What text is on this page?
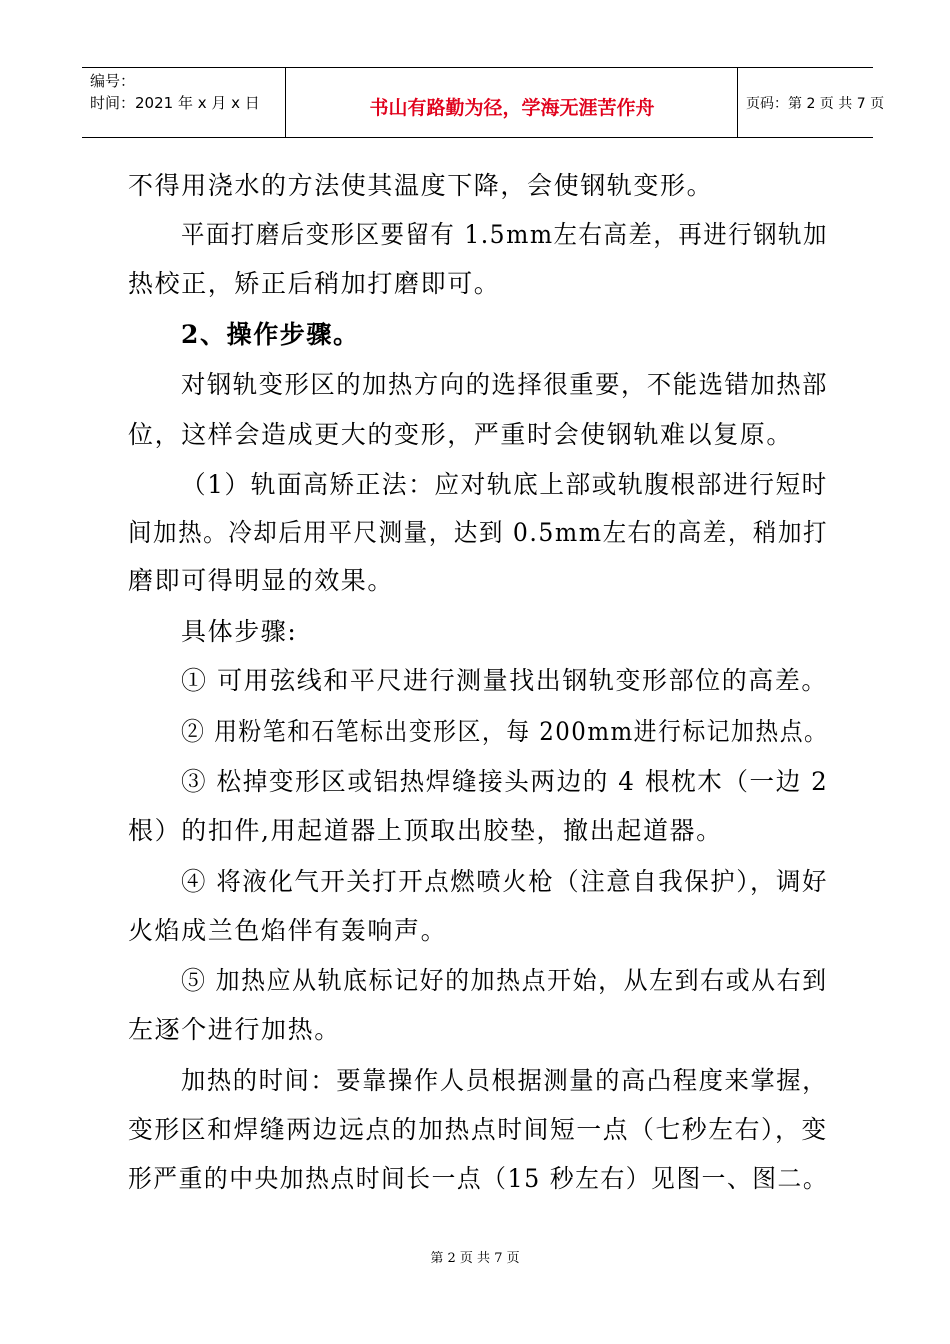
编号：
时间：2021 年 x 月 x 日	书山有路勤为径，学海无涯苦作舟	页码：第 2 页 共 7 页
不得用浇水的方法使其温度下降，会使钢轨变形。
平面打磨后变形区要留有 1.5mm左右高差，再进行钢轨加
热校正，矫正后稍加打磨即可。
2、操作步骤。
对钢轨变形区的加热方向的选择很重要，不能选错加热部
位，这样会造成更大的变形，严重时会使钢轨难以复原。
（1）轨面高矫正法：应对轨底上部或轨腹根部进行短时
间加热。冷却后用平尺测量，达到 0.5mm左右的高差，稍加打
磨即可得明显的效果。
具体步骤:
① 可用弦线和平尺进行测量找出钢轨变形部位的高差。
② 用粉笔和石笔标出变形区，每 200mm进行标记加热点。
③ 松掉变形区或铝热焊缝接头两边的 4 根枕木（一边 2
根）的扣件,用起道器上顶取出胶垫，撤出起道器。
④ 将液化气开关打开点燃喷火枪（注意自我保护），调好
火焰成兰色焰伴有轰响声。
⑤ 加热应从轨底标记好的加热点开始，从左到右或从右到
左逐个进行加热。
加热的时间：要靠操作人员根据测量的高凸程度来掌握，
变形区和焊缝两边远点的加热点时间短一点（七秒左右），变
形严重的中央加热点时间长一点（15 秒左右）见图一、图二。
第 2 页 共 7 页
